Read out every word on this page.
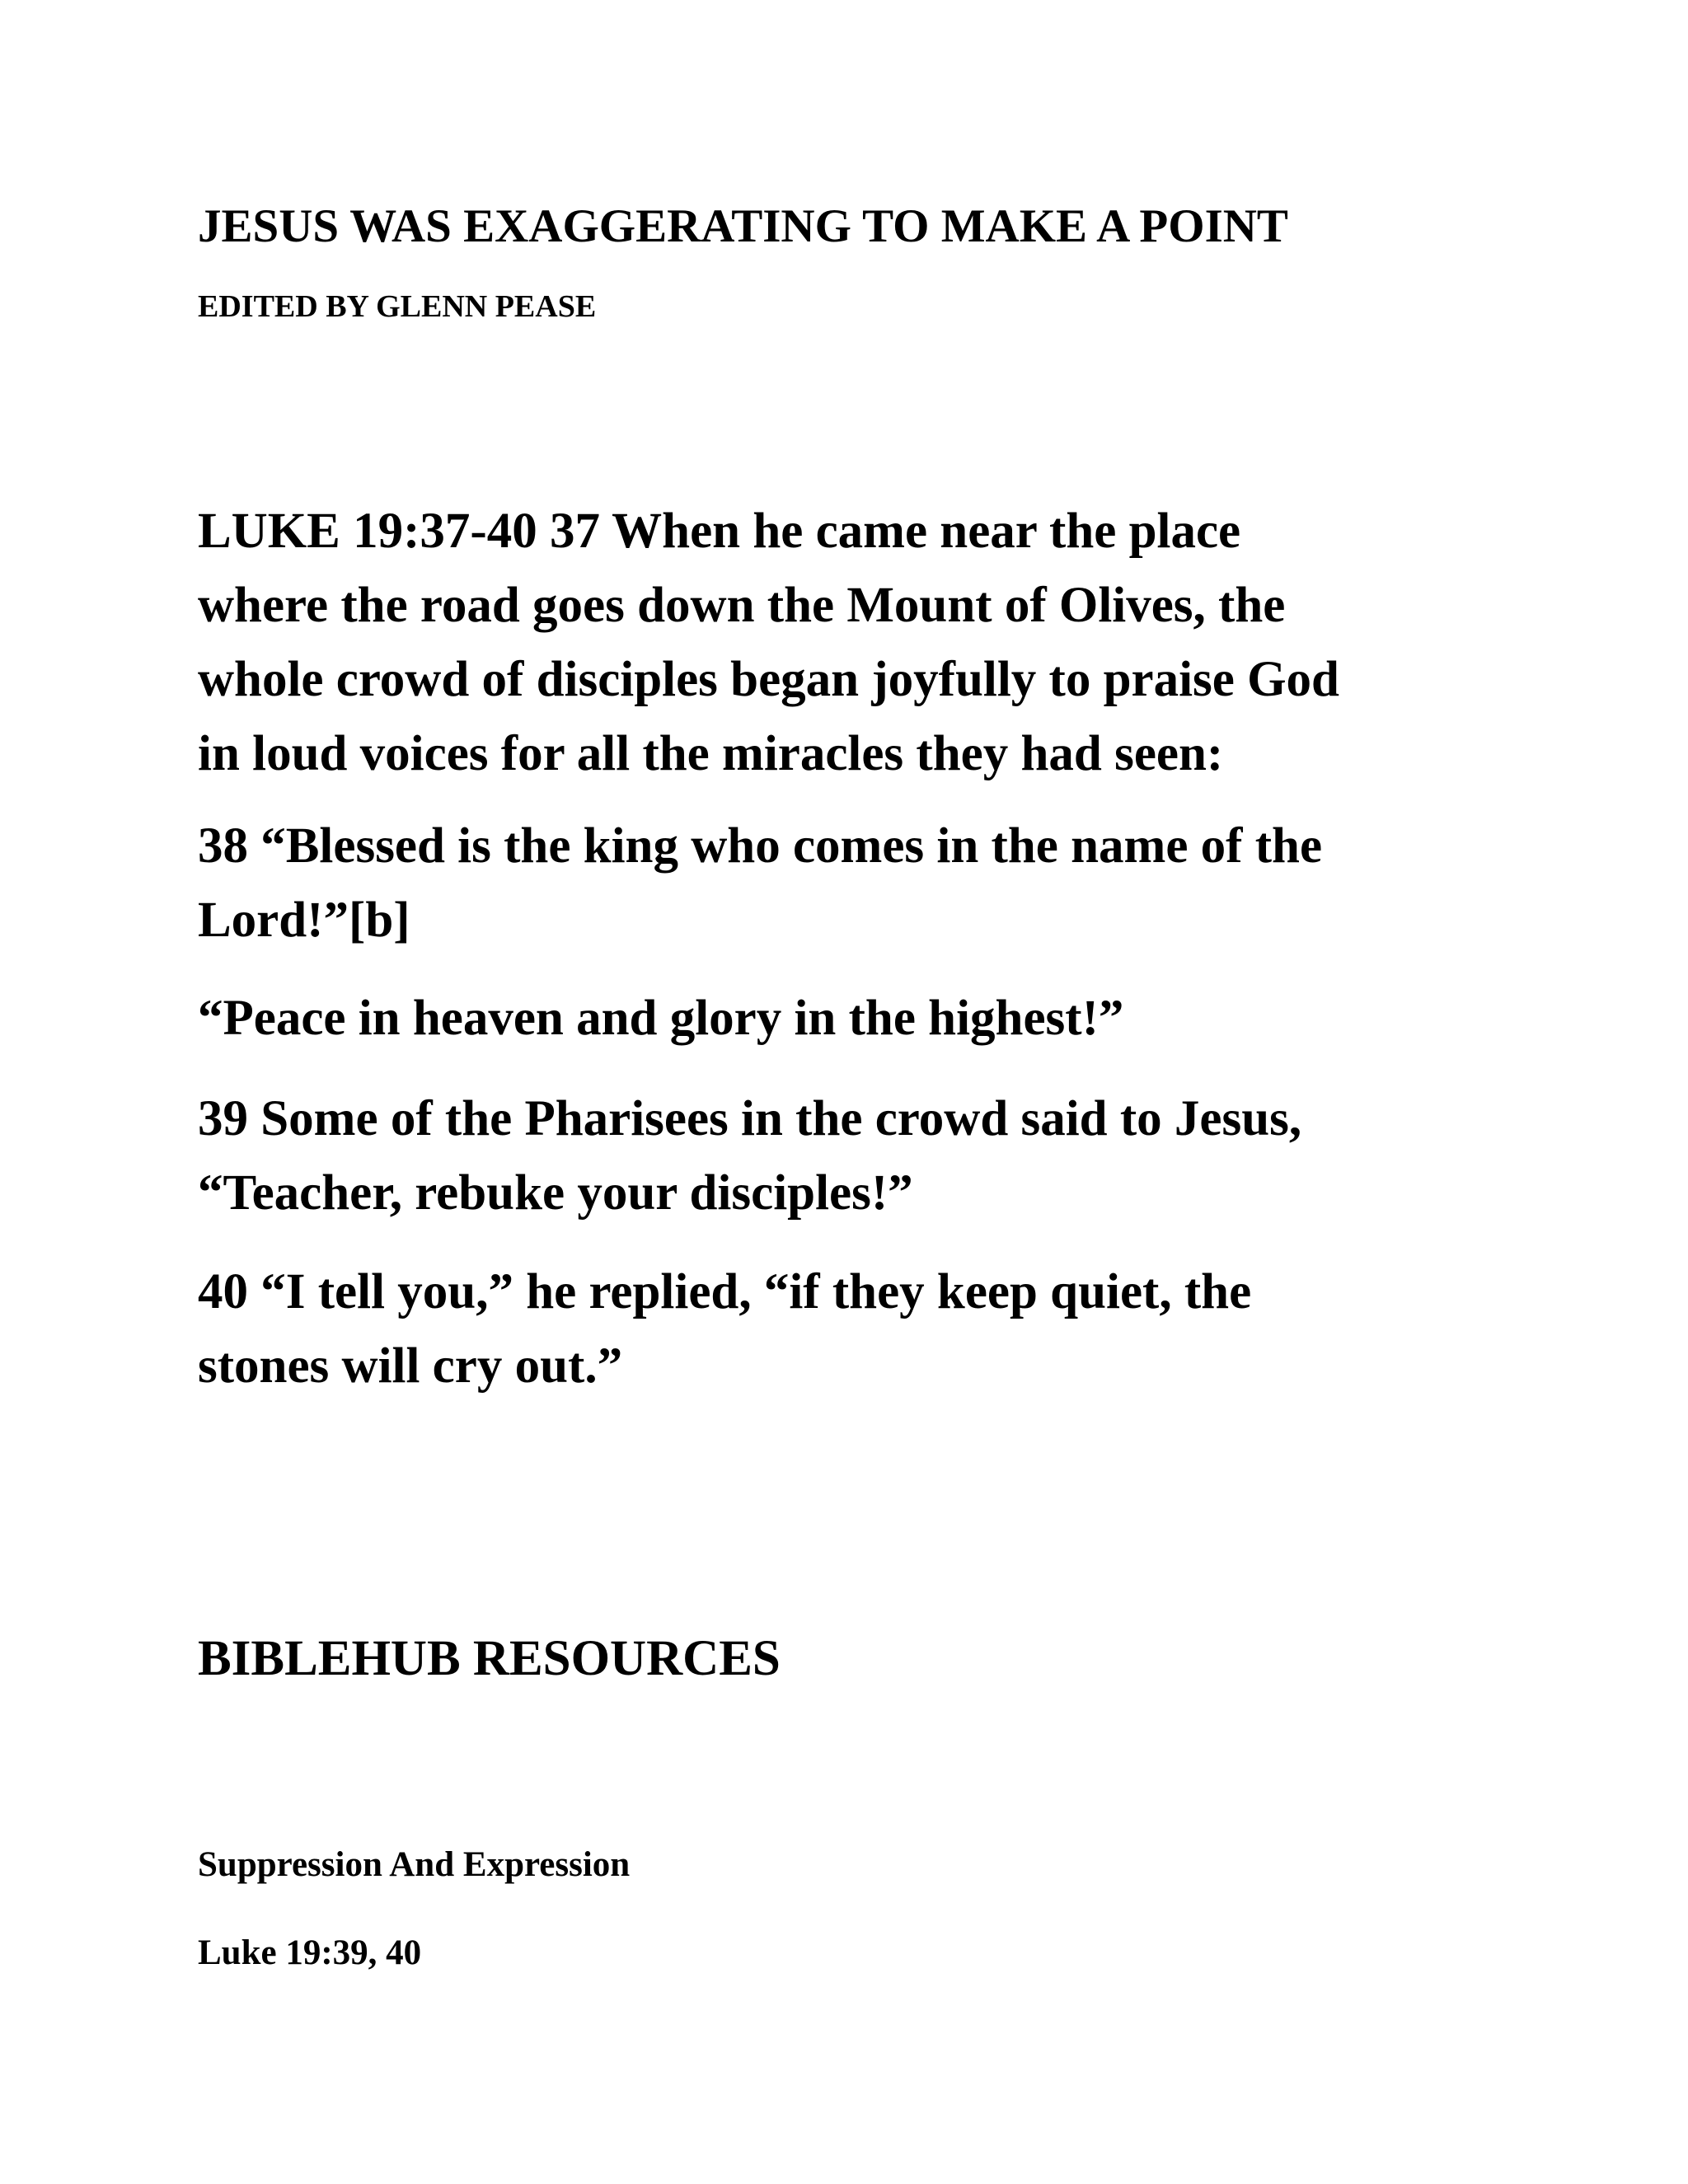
JESUS WAS EXAGGERATING TO MAKE A POINT

EDITED BY GLENN PEASE

LUKE 19:37-40 37 When he came near the place
where the road goes down the Mount of Olives, the
whole crowd of disciples began joyfully to praise God
in loud voices for all the miracles they had seen:

38 “Blessed is the king who comes in the name of the
Lord!”[b]

“Peace in heaven and glory in the highest!”

39 Some of the Pharisees in the crowd said to Jesus,
“Teacher, rebuke your disciples!”

40 “I tell you,” he replied, “if they keep quiet, the
stones will cry out.”

BIBLEHUB RESOURCES
Suppression And Expression

Luke 19:39, 40
